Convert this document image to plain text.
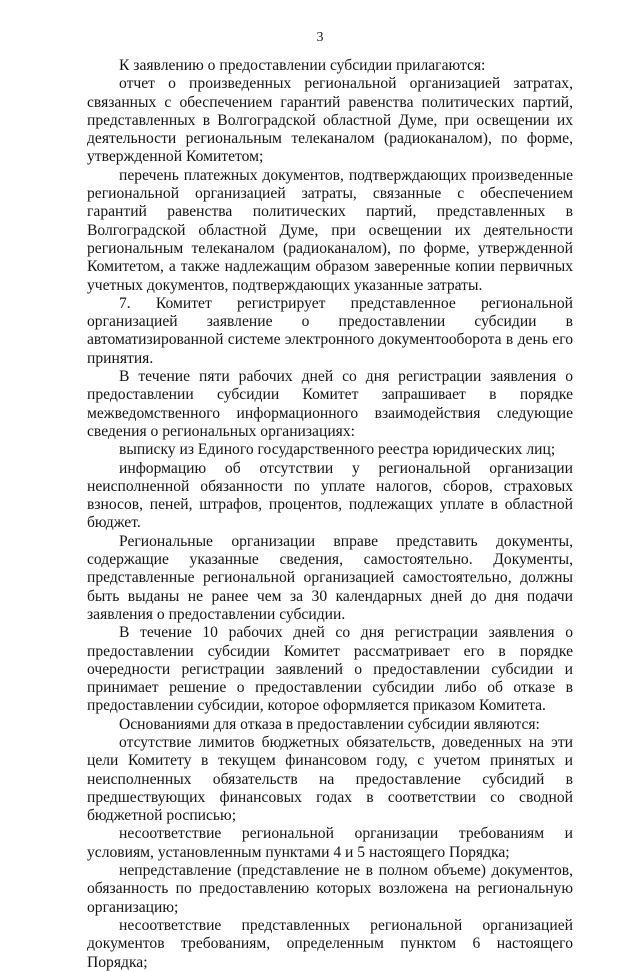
3

К заявлению о предоставлении субсидии прилагаются:

отчет о произведенных региональной организацией затратах, связанных с обеспечением гарантий равенства политических партий, представленных в Волгоградской областной Думе, при освещении их деятельности региональным телеканалом (радиоканалом), по форме, утвержденной Комитетом;

перечень платежных документов, подтверждающих произведенные региональной организацией затраты, связанные с обеспечением гарантий равенства политических партий, представленных в Волгоградской областной Думе, при освещении их деятельности региональным телеканалом (радиоканалом), по форме, утвержденной Комитетом, а также надлежащим образом заверенные копии первичных учетных документов, подтверждающих указанные затраты.

7. Комитет регистрирует представленное региональной организацией заявление о предоставлении субсидии в автоматизированной системе электронного документооборота в день его принятия.

В течение пяти рабочих дней со дня регистрации заявления о предоставлении субсидии Комитет запрашивает в порядке межведомственного информационного взаимодействия следующие сведения о региональных организациях:

выписку из Единого государственного реестра юридических лиц;

информацию об отсутствии у региональной организации неисполненной обязанности по уплате налогов, сборов, страховых взносов, пеней, штрафов, процентов, подлежащих уплате в областной бюджет.

Региональные организации вправе представить документы, содержащие указанные сведения, самостоятельно. Документы, представленные региональной организацией самостоятельно, должны быть выданы не ранее чем за 30 календарных дней до дня подачи заявления о предоставлении субсидии.

В течение 10 рабочих дней со дня регистрации заявления о предоставлении субсидии Комитет рассматривает его в порядке очередности регистрации заявлений о предоставлении субсидии и принимает решение о предоставлении субсидии либо об отказе в предоставлении субсидии, которое оформляется приказом Комитета.

Основаниями для отказа в предоставлении субсидии являются:

отсутствие лимитов бюджетных обязательств, доведенных на эти цели Комитету в текущем финансовом году, с учетом принятых и неисполненных обязательств на предоставление субсидий в предшествующих финансовых годах в соответствии со сводной бюджетной росписью;

несоответствие региональной организации требованиям и условиям, установленным пунктами 4 и 5 настоящего Порядка;

непредставление (представление не в полном объеме) документов, обязанность по предоставлению которых возложена на региональную организацию;

несоответствие представленных региональной организацией документов требованиям, определенным пунктом 6 настоящего Порядка;
